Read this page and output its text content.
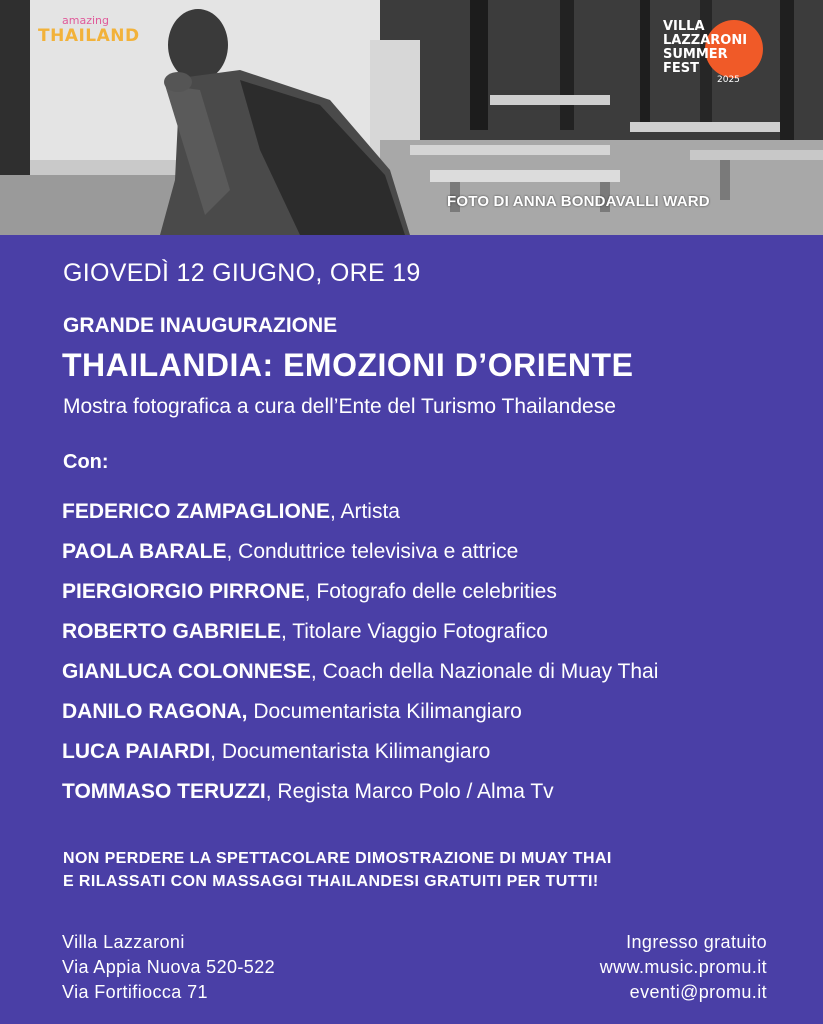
amazing
THAILAND	VILLA
LAZZARONI
SUMMER
FEST
2025
FOTO DI ANNA BONDAVALLI WARD
GIOVEDÌ 12 GIUGNO, ORE 19
GRANDE INAUGURAZIONE
THAILANDIA: EMOZIONI D’ORIENTE
Mostra fotografica a cura dell’Ente del Turismo Thailandese
Con:
FEDERICO ZAMPAGLIONE, Artista
PAOLA BARALE, Conduttrice televisiva e attrice
PIERGIORGIO PIRRONE, Fotografo delle celebrities
ROBERTO GABRIELE, Titolare Viaggio Fotografico
GIANLUCA COLONNESE, Coach della Nazionale di Muay Thai
DANILO RAGONA, Documentarista Kilimangiaro
LUCA PAIARDI, Documentarista Kilimangiaro
TOMMASO TERUZZI, Regista Marco Polo / Alma Tv
NON PERDERE LA SPETTACOLARE DIMOSTRAZIONE DI MUAY THAI
E RILASSATI CON MASSAGGI THAILANDESI GRATUITI PER TUTTI!
Villa Lazzaroni
Via Appia Nuova 520-522
Via Fortifiocca 71
Ingresso gratuito
www.music.promu.it
eventi@promu.it
